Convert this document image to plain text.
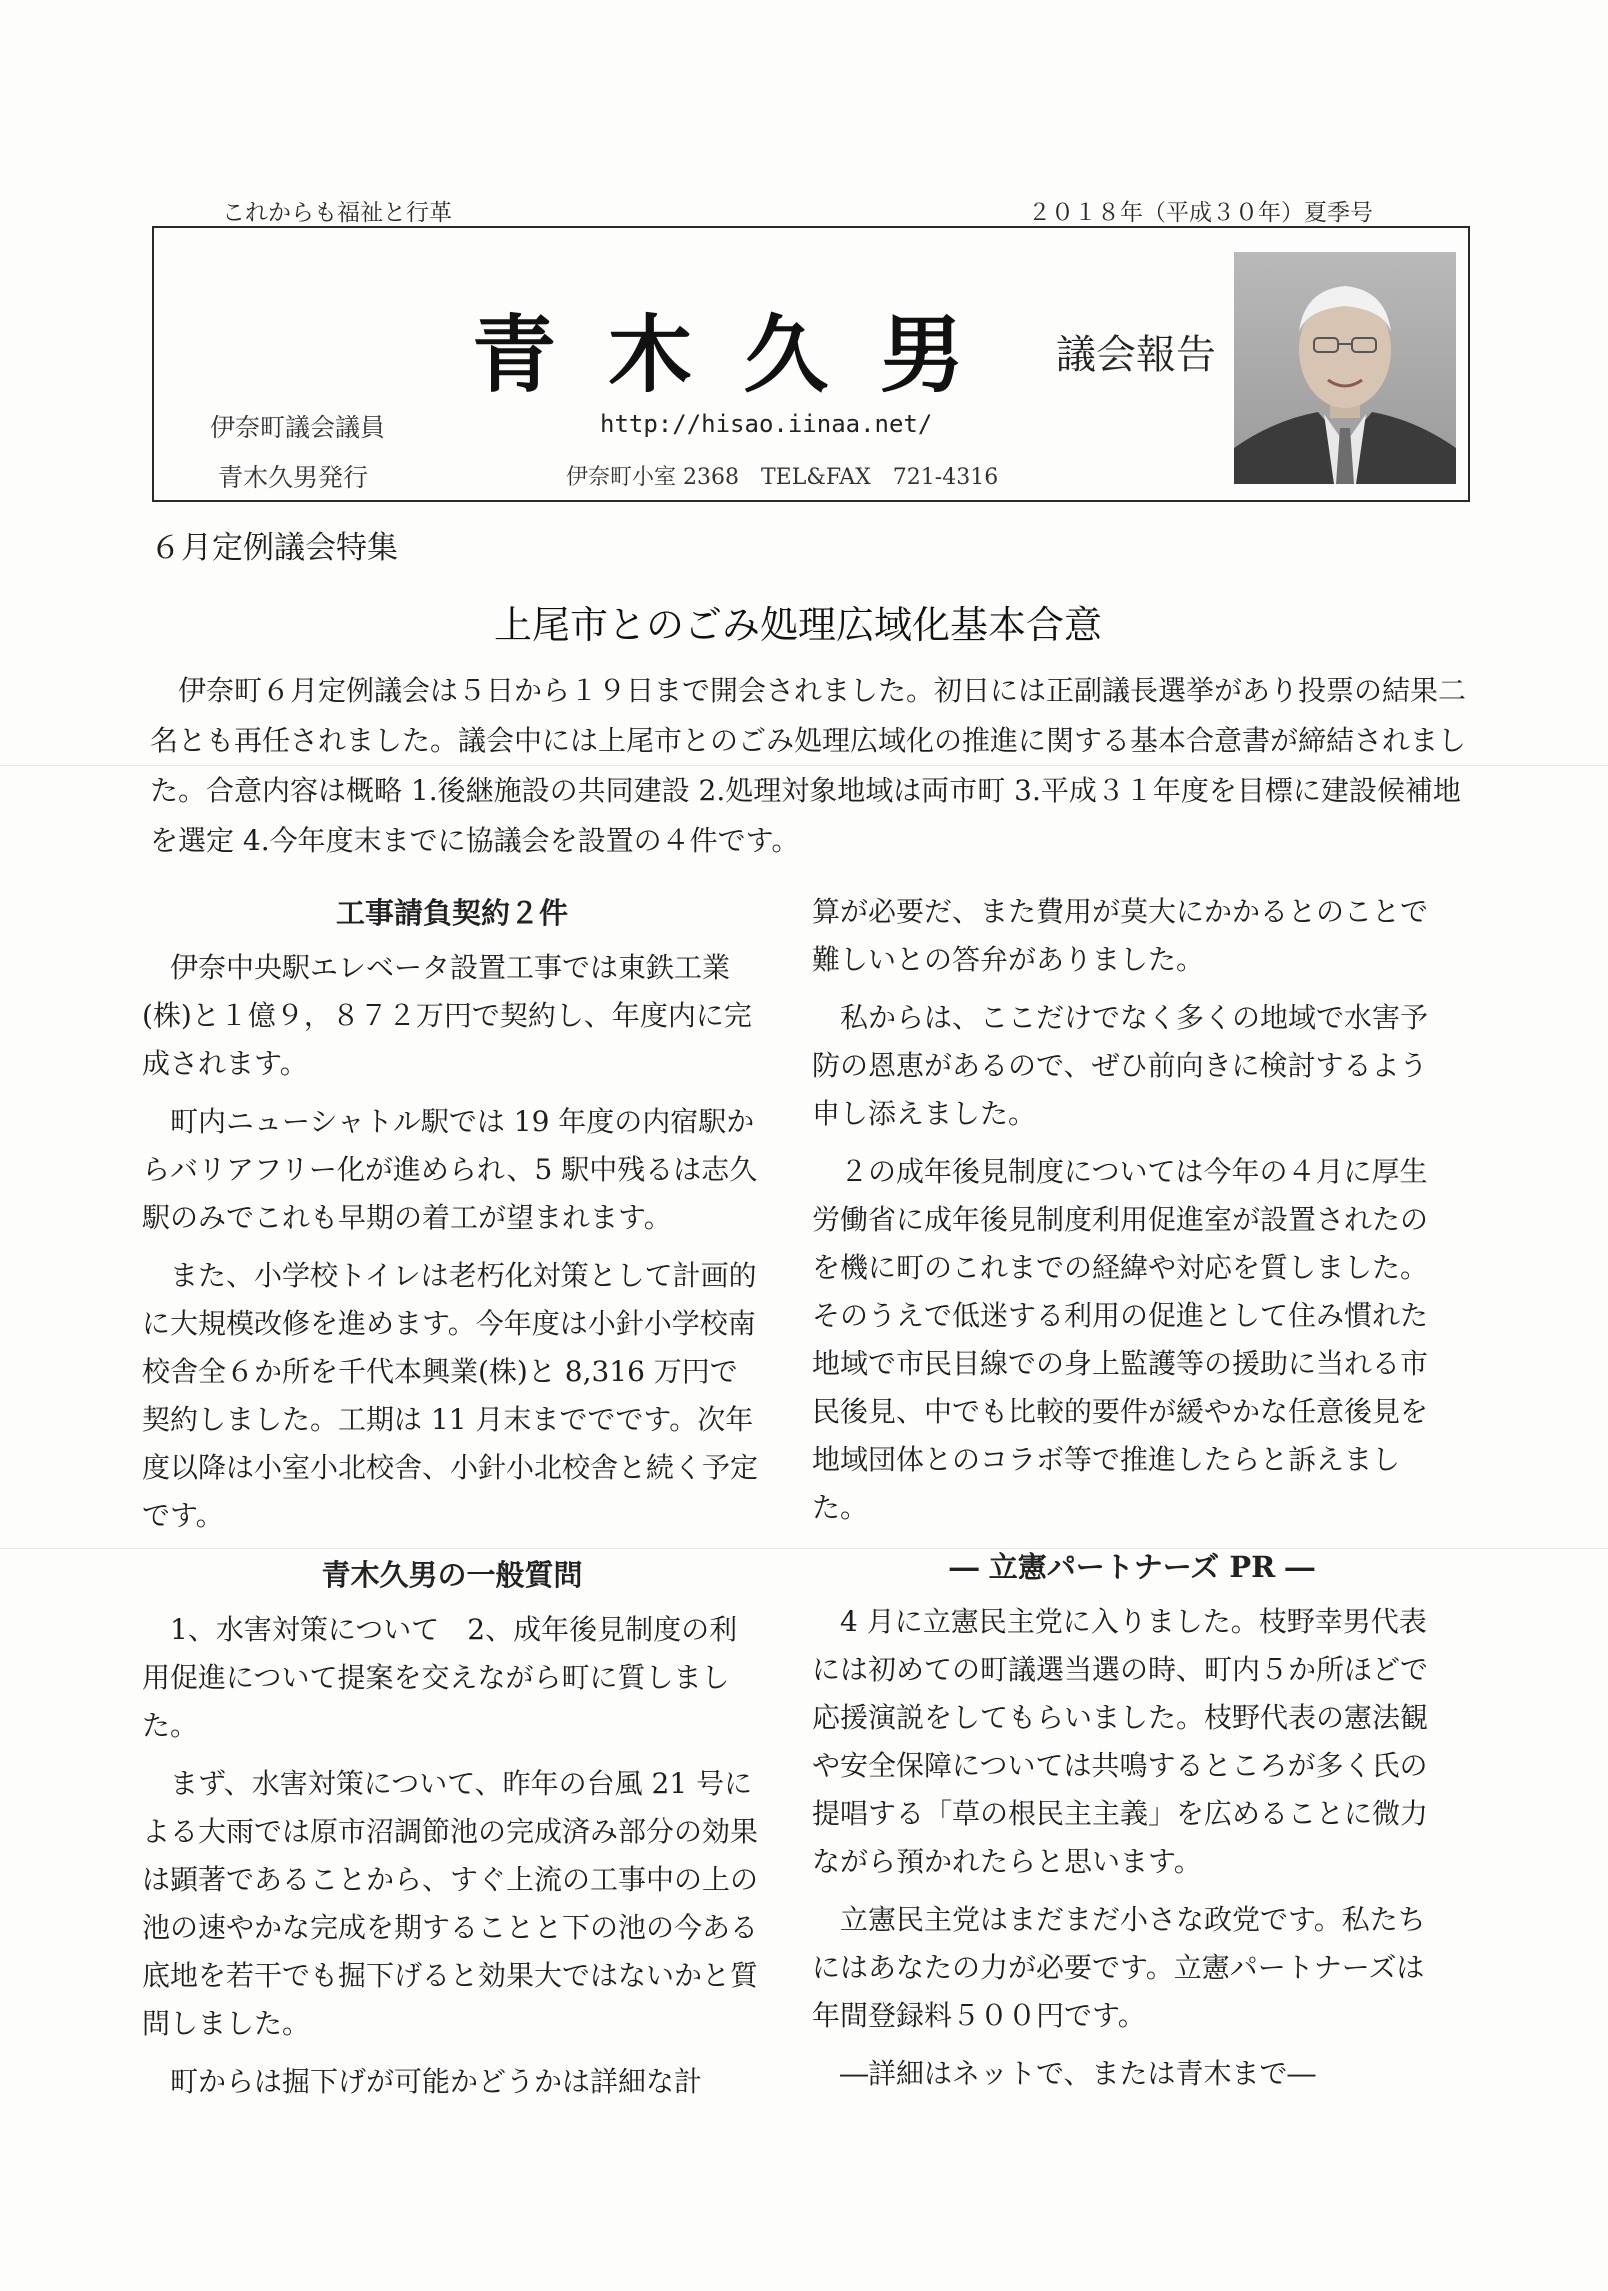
これからも福祉と行革	２０１８年（平成３０年）夏季号
青木久男 議会報告
伊奈町議会議員
青木久男発行
http://hisao.iinaa.net/
伊奈町小室 2368　TEL&FAX　721-4316
６月定例議会特集
上尾市とのごみ処理広域化基本合意

伊奈町６月定例議会は５日から１９日まで開会されました。初日には正副議長選挙があり投票の結果二名とも再任されました。議会中には上尾市とのごみ処理広域化の推進に関する基本合意書が締結されました。合意内容は概略 1.後継施設の共同建設 2.処理対象地域は両市町 3.平成３１年度を目標に建設候補地を選定 4.今年度末までに協議会を設置の４件です。

工事請負契約２件

伊奈中央駅エレベータ設置工事では東鉄工業(株)と１億９，８７２万円で契約し、年度内に完成されます。

町内ニューシャトル駅では 19 年度の内宿駅からバリアフリー化が進められ、5 駅中残るは志久駅のみでこれも早期の着工が望まれます。

また、小学校トイレは老朽化対策として計画的に大規模改修を進めます。今年度は小針小学校南校舎全６か所を千代本興業(株)と 8,316 万円で契約しました。工期は 11 月末まででです。次年度以降は小室小北校舎、小針小北校舎と続く予定です。

青木久男の一般質問

1、水害対策について　2、成年後見制度の利用促進について提案を交えながら町に質しました。

まず、水害対策について、昨年の台風 21 号による大雨では原市沼調節池の完成済み部分の効果は顕著であることから、すぐ上流の工事中の上の池の速やかな完成を期することと下の池の今ある底地を若干でも掘下げると効果大ではないかと質問しました。

町からは掘下げが可能かどうかは詳細な計

算が必要だ、また費用が莫大にかかるとのことで難しいとの答弁がありました。

私からは、ここだけでなく多くの地域で水害予防の恩恵があるので、ぜひ前向きに検討するよう申し添えました。

２の成年後見制度については今年の４月に厚生労働省に成年後見制度利用促進室が設置されたのを機に町のこれまでの経緯や対応を質しました。そのうえで低迷する利用の促進として住み慣れた地域で市民目線での身上監護等の援助に当れる市民後見、中でも比較的要件が緩やかな任意後見を地域団体とのコラボ等で推進したらと訴えました。

― 立憲パートナーズ PR ―

4 月に立憲民主党に入りました。枝野幸男代表には初めての町議選当選の時、町内５か所ほどで応援演説をしてもらいました。枝野代表の憲法観や安全保障については共鳴するところが多く氏の提唱する「草の根民主主義」を広めることに微力ながら預かれたらと思います。

立憲民主党はまだまだ小さな政党です。私たちにはあなたの力が必要です。立憲パートナーズは年間登録料５００円です。

―詳細はネットで、または青木まで―
